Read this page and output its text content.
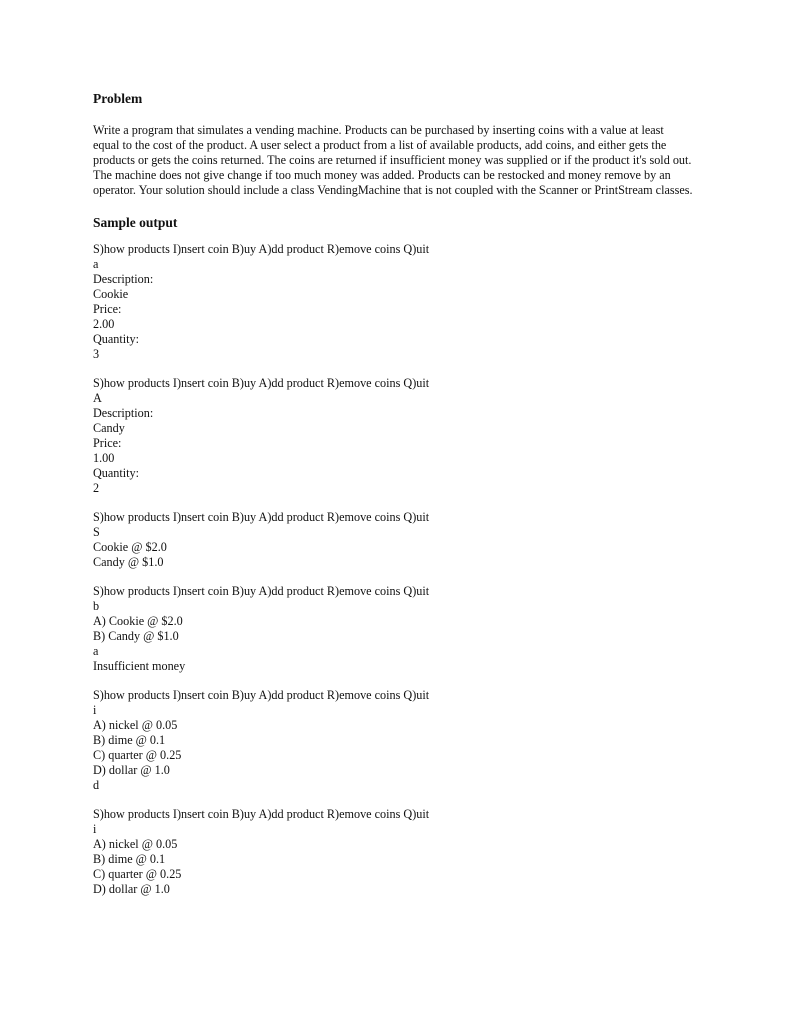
Problem

Write a program that simulates a vending machine. Products can be purchased by inserting coins with a value at least equal to the cost of the product. A user select a product from a list of available products, add coins, and either gets the products or gets the coins returned. The coins are returned if insufficient money was supplied or if the product it's sold out. The machine does not give change if too much money was added. Products can be restocked and money remove by an operator. Your solution should include a class VendingMachine that is not coupled with the Scanner or PrintStream classes.

Sample output

S)how products I)nsert coin B)uy A)dd product R)emove coins Q)uit

a

Description:

Cookie

Price:

2.00

Quantity:

3

S)how products I)nsert coin B)uy A)dd product R)emove coins Q)uit

A

Description:

Candy

Price:

1.00

Quantity:

2

S)how products I)nsert coin B)uy A)dd product R)emove coins Q)uit

S

Cookie @ $2.0

Candy @ $1.0

S)how products I)nsert coin B)uy A)dd product R)emove coins Q)uit

b

A) Cookie @ $2.0

B) Candy @ $1.0

a

Insufficient money

S)how products I)nsert coin B)uy A)dd product R)emove coins Q)uit

i

A) nickel @ 0.05

B) dime @ 0.1

C) quarter @ 0.25

D) dollar @ 1.0

d

S)how products I)nsert coin B)uy A)dd product R)emove coins Q)uit

i

A) nickel @ 0.05

B) dime @ 0.1

C) quarter @ 0.25

D) dollar @ 1.0
